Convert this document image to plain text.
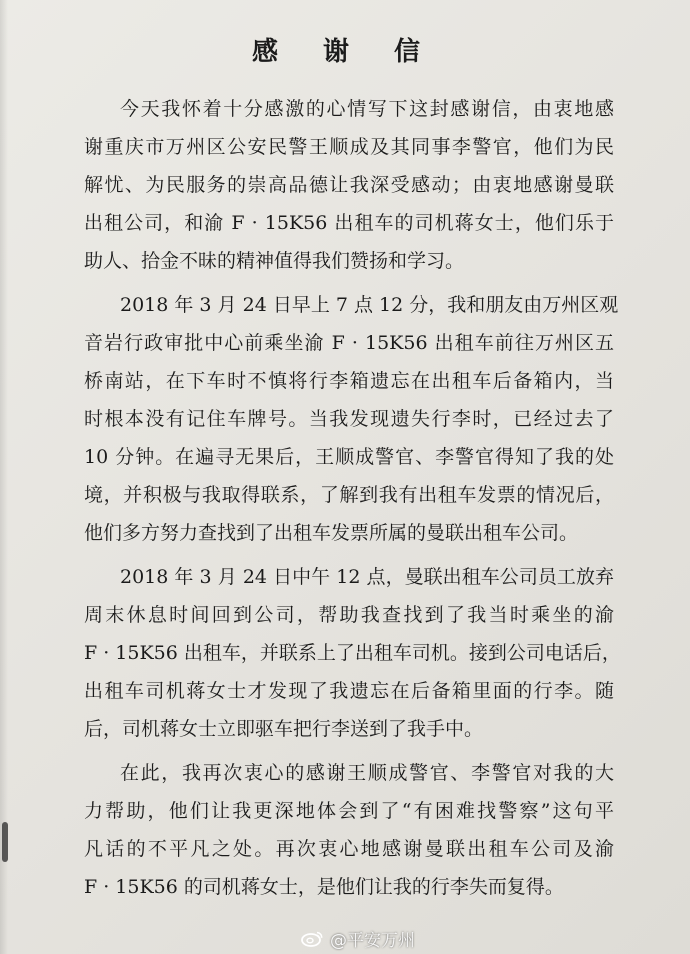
感 谢 信
今天我怀着十分感激的心情写下这封感谢信，由衷地感
谢重庆市万州区公安民警王顺成及其同事李警官，他们为民
解忧、为民服务的崇高品德让我深受感动；由衷地感谢曼联
出租公司，和渝 F · 15K56 出租车的司机蒋女士，他们乐于
助人、拾金不昧的精神值得我们赞扬和学习。
2018 年 3 月 24 日早上 7 点 12 分，我和朋友由万州区观
音岩行政审批中心前乘坐渝 F · 15K56 出租车前往万州区五
桥南站，在下车时不慎将行李箱遗忘在出租车后备箱内，当
时根本没有记住车牌号。当我发现遗失行李时，已经过去了
10 分钟。在遍寻无果后，王顺成警官、李警官得知了我的处
境，并积极与我取得联系，了解到我有出租车发票的情况后，
他们多方努力查找到了出租车发票所属的曼联出租车公司。
2018 年 3 月 24 日中午 12 点，曼联出租车公司员工放弃
周末休息时间回到公司，帮助我查找到了我当时乘坐的渝
F · 15K56 出租车，并联系上了出租车司机。接到公司电话后，
出租车司机蒋女士才发现了我遗忘在后备箱里面的行李。随
后，司机蒋女士立即驱车把行李送到了我手中。
在此，我再次衷心的感谢王顺成警官、李警官对我的大
力帮助，他们让我更深地体会到了“有困难找警察”这句平
凡话的不平凡之处。再次衷心地感谢曼联出租车公司及渝
F · 15K56 的司机蒋女士，是他们让我的行李失而复得。
@平安万州
